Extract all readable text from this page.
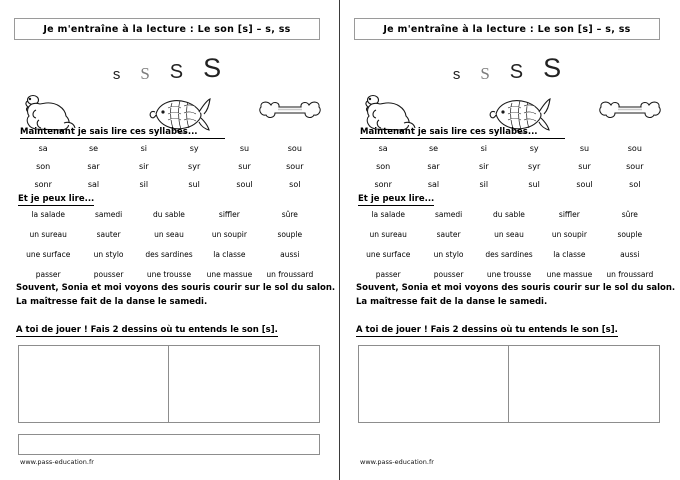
Je m'entraîne à la lecture : Le son [s] – s, ss
s S S S
Maintenant je sais lire ces syllabes...
sa	se	si	sy	su	sou
son	sar	sir	syr	sur	sour
sonr	sal	sil	sul	soul	sol
Et je peux lire...
la salade	samedi	du sable	siffler	sûre
un sureau	sauter	un seau	un soupir	souple
une surface	un stylo	des sardines	la classe	aussi
passer	pousser	une trousse	une massue	un froussard
Souvent, Sonia et moi voyons des souris courir sur le sol du salon.
La maîtresse fait de la danse le samedi.
A toi de jouer ! Fais 2 dessins où tu entends le son [s].
www.pass-education.fr
Je m'entraîne à la lecture : Le son [s] – s, ss
s S S S
Maintenant je sais lire ces syllabes...
sa	se	si	sy	su	sou
son	sar	sir	syr	sur	sour
sonr	sal	sil	sul	soul	sol
Et je peux lire...
la salade	samedi	du sable	siffler	sûre
un sureau	sauter	un seau	un soupir	souple
une surface	un stylo	des sardines	la classe	aussi
passer	pousser	une trousse	une massue	un froussard
Souvent, Sonia et moi voyons des souris courir sur le sol du salon.
La maîtresse fait de la danse le samedi.
A toi de jouer ! Fais 2 dessins où tu entends le son [s].
www.pass-education.fr
